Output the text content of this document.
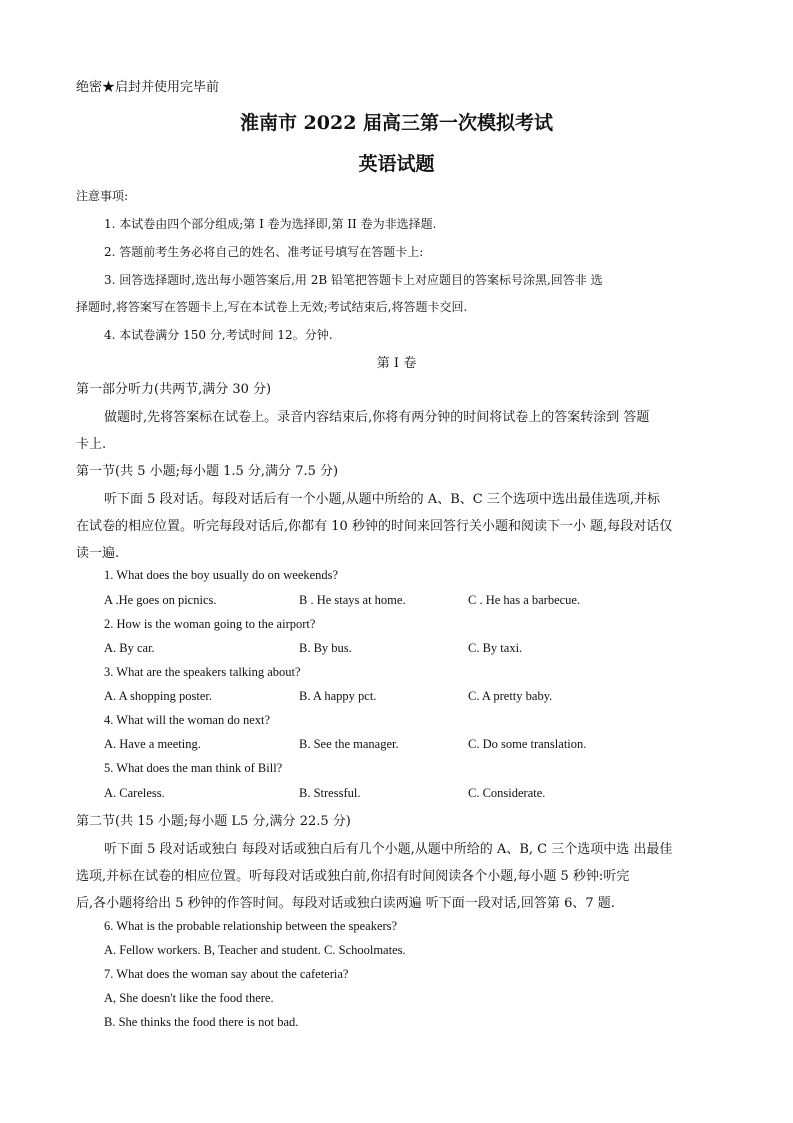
绝密★启封并使用完毕前
淮南市 2022 届高三第一次模拟考试
英语试题
注意事项:
1. 本试卷由四个部分组成;第 I 卷为选择即,第 II 卷为非选择题.
2. 答题前考生务必将自己的姓名、准考证号填写在答题卡上:
3. 回答选择题时,选出每小题答案后,用 2B 铅笔把答题卡上对应题目的答案标号涂黑,回答非 选
择题时,将答案写在答题卡上,写在本试卷上无效;考试结束后,将答题卡交回.
4. 本试卷满分 150 分,考试时间 12。分钟.
第 I 卷
第一部分听力(共两节,满分 30 分)
做题时,先将答案标在试卷上。录音内容结束后,你将有两分钟的时间将试卷上的答案转涂到 答题
卡上.
第一节(共 5 小题;每小题 1.5 分,满分 7.5 分)
听下面 5 段对话。每段对话后有一个小题,从题中所给的 A、B、C 三个选项中选出最佳选项,并标
在试卷的相应位置。听完每段对话后,你都有 10 秒钟的时间来回答行关小题和阅读下一小 题,每段对话仅
读一遍.
1. What does the boy usually do on weekends?
A .He goes on picnics.	B . He stays at home.	C . He has a barbecue.
2. How is the woman going to the airport?
A. By car.	B. By bus.	C. By taxi.
3. What are the speakers talking about?
A. A shopping poster.	B. A happy pct.	C. A pretty baby.
4. What will the woman do next?
A. Have a meeting.	B. See the manager.	C. Do some translation.
5. What does the man think of Bill?
A. Careless.	B. Stressful.	C. Considerate.
第二节(共 15 小题;每小题 L5 分,满分 22.5 分)
听下面 5 段对话或独白 每段对话或独白后有几个小题,从题中所给的 A、B, C 三个选项中选 出最佳
选项,并标在试卷的相应位置。听每段对话或独白前,你招有时间阅读各个小题,每小题 5 秒钟:听完
后,各小题将给出 5 秒钟的作答时间。每段对话或独白读两遍 听下面一段对话,回答第 6、7 题.
6. What is the probable relationship between the speakers?
A. Fellow workers. B, Teacher and student. C. Schoolmates.
7. What does the woman say about the cafeteria?
A, She doesn't like the food there.
B. She thinks the food there is not bad.
